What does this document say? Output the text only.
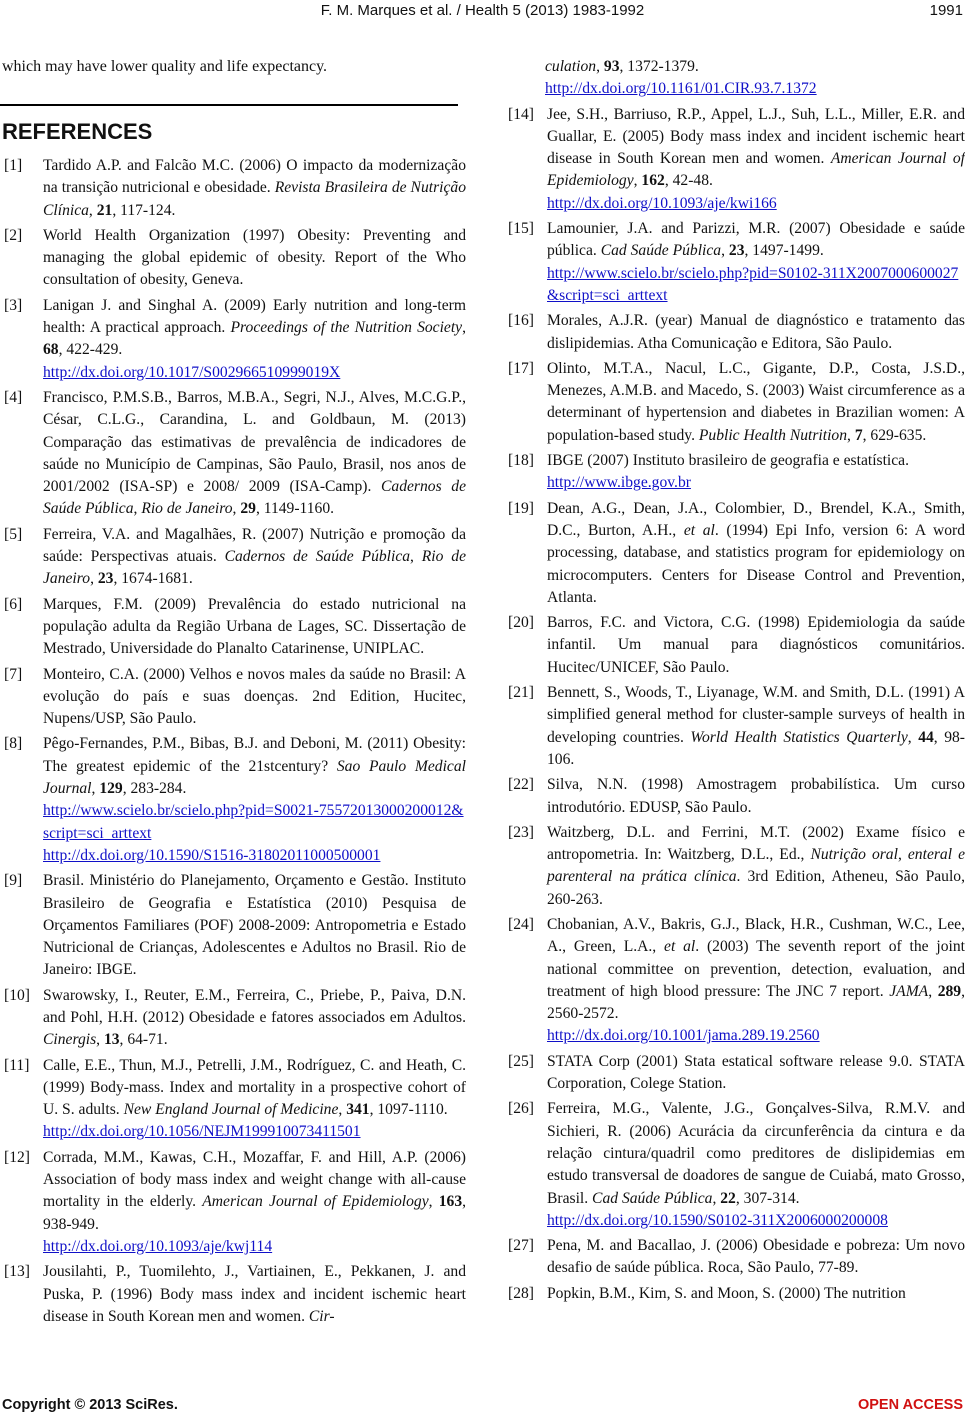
F. M. Marques et al. / Health 5 (2013) 1983-1992	1991
which may have lower quality and life expectancy.
REFERENCES
[1] Tardido A.P. and Falcão M.C. (2006) O impacto da modernização na transição nutricional e obesidade. Revista Brasileira de Nutrição Clínica, 21, 117-124.
[2] World Health Organization (1997) Obesity: Preventing and managing the global epidemic of obesity. Report of the Who consultation of obesity, Geneva.
[3] Lanigan J. and Singhal A. (2009) Early nutrition and long-term health: A practical approach. Proceedings of the Nutrition Society, 68, 422-429.
http://dx.doi.org/10.1017/S002966510999019X
[4] Francisco, P.M.S.B., Barros, M.B.A., Segri, N.J., Alves, M.C.G.P., César, C.L.G., Carandina, L. and Goldbaun, M. (2013) Comparação das estimativas de prevalência de indicadores de saúde no Município de Campinas, São Paulo, Brasil, nos anos de 2001/2002 (ISA-SP) e 2008/ 2009 (ISA-Camp). Cadernos de Saúde Pública, Rio de Janeiro, 29, 1149-1160.
[5] Ferreira, V.A. and Magalhães, R. (2007) Nutrição e promoção da saúde: Perspectivas atuais. Cadernos de Saúde Pública, Rio de Janeiro, 23, 1674-1681.
[6] Marques, F.M. (2009) Prevalência do estado nutricional na população adulta da Região Urbana de Lages, SC. Dissertação de Mestrado, Universidade do Planalto Catarinense, UNIPLAC.
[7] Monteiro, C.A. (2000) Velhos e novos males da saúde no Brasil: A evolução do país e suas doenças. 2nd Edition, Hucitec, Nupens/USP, São Paulo.
[8] Pêgo-Fernandes, P.M., Bibas, B.J. and Deboni, M. (2011) Obesity: The greatest epidemic of the 21stcentury? Sao Paulo Medical Journal, 129, 283-284.
http://www.scielo.br/scielo.php?pid=S0021-75572013000200012&script=sci_arttext
http://dx.doi.org/10.1590/S1516-31802011000500001
[9] Brasil. Ministério do Planejamento, Orçamento e Gestão. Instituto Brasileiro de Geografia e Estatística (2010) Pesquisa de Orçamentos Familiares (POF) 2008-2009: Antropometria e Estado Nutricional de Crianças, Adolescentes e Adultos no Brasil. Rio de Janeiro: IBGE.
[10] Swarowsky, I., Reuter, E.M., Ferreira, C., Priebe, P., Paiva, D.N. and Pohl, H.H. (2012) Obesidade e fatores associados em Adultos. Cinergis, 13, 64-71.
[11] Calle, E.E., Thun, M.J., Petrelli, J.M., Rodríguez, C. and Heath, C. (1999) Body-mass. Index and mortality in a prospective cohort of U. S. adults. New England Journal of Medicine, 341, 1097-1110.
http://dx.doi.org/10.1056/NEJM199910073411501
[12] Corrada, M.M., Kawas, C.H., Mozaffar, F. and Hill, A.P. (2006) Association of body mass index and weight change with all-cause mortality in the elderly. American Journal of Epidemiology, 163, 938-949.
http://dx.doi.org/10.1093/aje/kwj114
[13] Jousilahti, P., Tuomilehto, J., Vartiainen, E., Pekkanen, J. and Puska, P. (1996) Body mass index and incident ischemic heart disease in South Korean men and women. Cir-
culation, 93, 1372-1379.
http://dx.doi.org/10.1161/01.CIR.93.7.1372
[14] Jee, S.H., Barriuso, R.P., Appel, L.J., Suh, L.L., Miller, E.R. and Guallar, E. (2005) Body mass index and incident ischemic heart disease in South Korean men and women. American Journal of Epidemiology, 162, 42-48.
http://dx.doi.org/10.1093/aje/kwi166
[15] Lamounier, J.A. and Parizzi, M.R. (2007) Obesidade e saúde pública. Cad Saúde Pública, 23, 1497-1499.
http://www.scielo.br/scielo.php?pid=S0102-311X2007000600027&script=sci_arttext
[16] Morales, A.J.R. (year) Manual de diagnóstico e tratamento das dislipidemias. Atha Comunicação e Editora, São Paulo.
[17] Olinto, M.T.A., Nacul, L.C., Gigante, D.P., Costa, J.S.D., Menezes, A.M.B. and Macedo, S. (2003) Waist circumference as a determinant of hypertension and diabetes in Brazilian women: A population-based study. Public Health Nutrition, 7, 629-635.
[18] IBGE (2007) Instituto brasileiro de geografia e estatística.
http://www.ibge.gov.br
[19] Dean, A.G., Dean, J.A., Colombier, D., Brendel, K.A., Smith, D.C., Burton, A.H., et al. (1994) Epi Info, version 6: A word processing, database, and statistics program for epidemiology on microcomputers. Centers for Disease Control and Prevention, Atlanta.
[20] Barros, F.C. and Victora, C.G. (1998) Epidemiologia da saúde infantil. Um manual para diagnósticos comunitários. Hucitec/UNICEF, São Paulo.
[21] Bennett, S., Woods, T., Liyanage, W.M. and Smith, D.L. (1991) A simplified general method for cluster-sample surveys of health in developing countries. World Health Statistics Quarterly, 44, 98-106.
[22] Silva, N.N. (1998) Amostragem probabilística. Um curso introdutório. EDUSP, São Paulo.
[23] Waitzberg, D.L. and Ferrini, M.T. (2002) Exame físico e antropometria. In: Waitzberg, D.L., Ed., Nutrição oral, enteral e parenteral na prática clínica. 3rd Edition, Atheneu, São Paulo, 260-263.
[24] Chobanian, A.V., Bakris, G.J., Black, H.R., Cushman, W.C., Lee, A., Green, L.A., et al. (2003) The seventh report of the joint national committee on prevention, detection, evaluation, and treatment of high blood pressure: The JNC 7 report. JAMA, 289, 2560-2572.
http://dx.doi.org/10.1001/jama.289.19.2560
[25] STATA Corp (2001) Stata estatical software release 9.0. STATA Corporation, Colege Station.
[26] Ferreira, M.G., Valente, J.G., Gonçalves-Silva, R.M.V. and Sichieri, R. (2006) Acurácia da circunferência da cintura e da relação cintura/quadril como preditores de dislipidemias em estudo transversal de doadores de sangue de Cuiabá, mato Grosso, Brasil. Cad Saúde Pública, 22, 307-314.
http://dx.doi.org/10.1590/S0102-311X2006000200008
[27] Pena, M. and Bacallao, J. (2006) Obesidade e pobreza: Um novo desafio de saúde pública. Roca, São Paulo, 77-89.
[28] Popkin, B.M., Kim, S. and Moon, S. (2000) The nutrition
Copyright © 2013 SciRes.	OPEN ACCESS
